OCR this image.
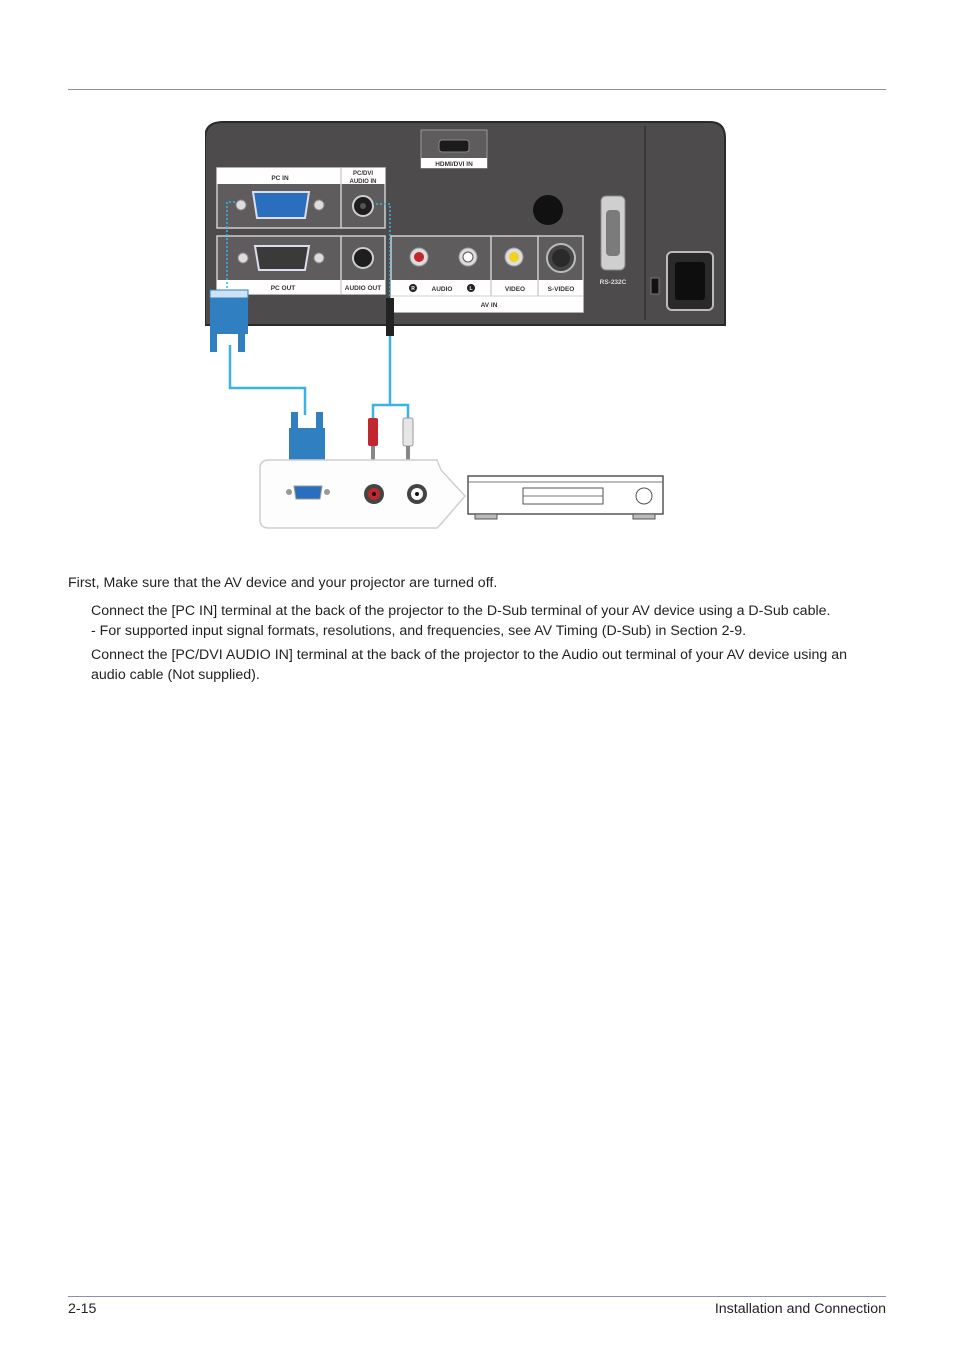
HDMI/DVI IN
PC IN
PC/DVI
AUDIO IN
PC OUT	AUDIO OUT	R	AUDIO	L	VIDEO	S-VIDEO
AV IN
RS-232C
First, Make sure that the AV device and your projector are turned off.
Connect the [PC IN] terminal at the back of the projector to the D-Sub terminal of your AV device using a D-Sub cable.
- For supported input signal formats, resolutions, and frequencies, see AV Timing (D-Sub) in Section 2-9.
Connect the [PC/DVI AUDIO IN] terminal at the back of the projector to the Audio out terminal of your AV device using an
audio cable (Not supplied).
2-15	Installation and Connection
